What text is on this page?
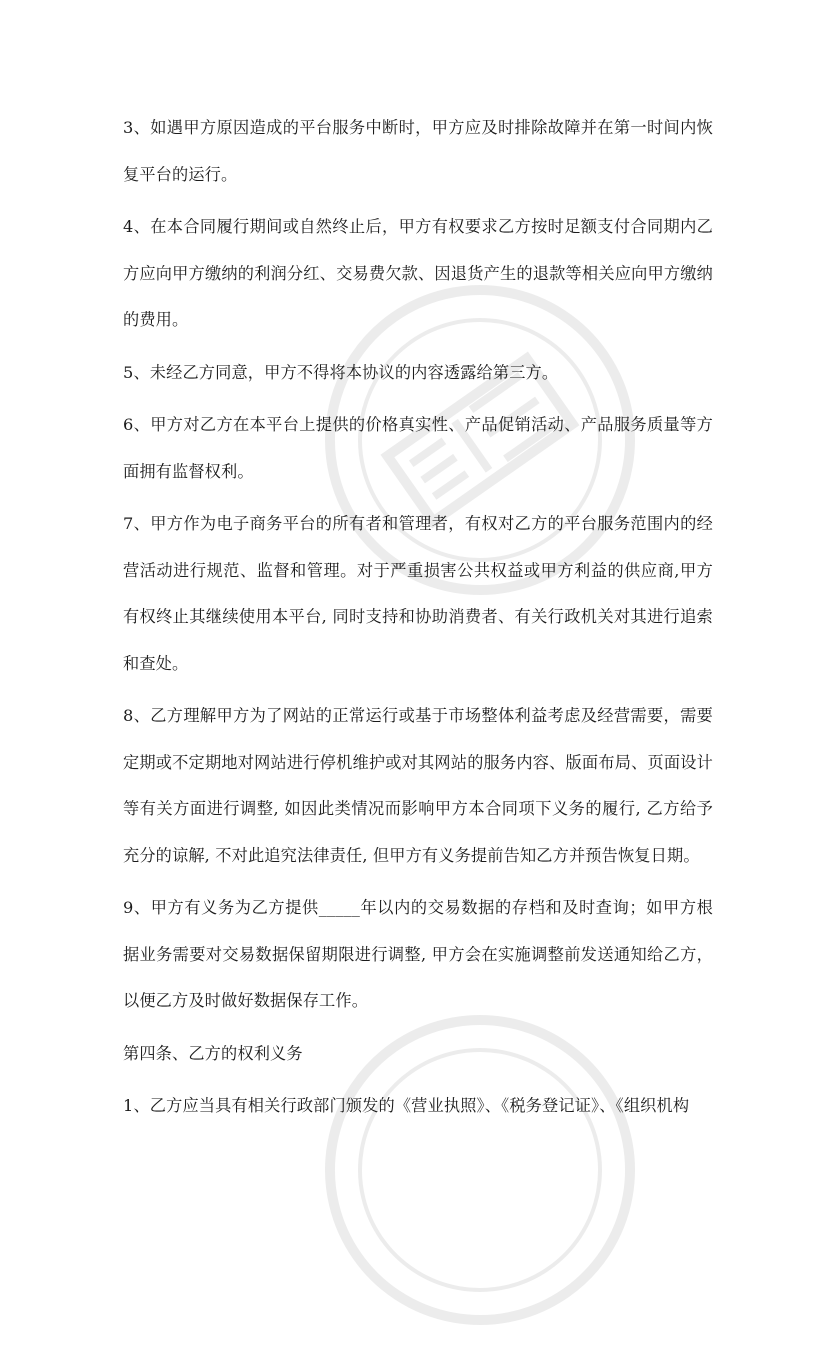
3、如遇甲方原因造成的平台服务中断时，甲方应及时排除故障并在第一时间内恢复平台的运行。

4、在本合同履行期间或自然终止后，甲方有权要求乙方按时足额支付合同期内乙方应向甲方缴纳的利润分红、交易费欠款、因退货产生的退款等相关应向甲方缴纳的费用。

5、未经乙方同意，甲方不得将本协议的内容透露给第三方。

6、甲方对乙方在本平台上提供的价格真实性、产品促销活动、产品服务质量等方面拥有监督权利。

7、甲方作为电子商务平台的所有者和管理者，有权对乙方的平台服务范围内的经营活动进行规范、监督和管理。对于严重损害公共权益或甲方利益的供应商,甲方有权终止其继续使用本平台, 同时支持和协助消费者、有关行政机关对其进行追索和查处。

8、乙方理解甲方为了网站的正常运行或基于市场整体利益考虑及经营需要，需要定期或不定期地对网站进行停机维护或对其网站的服务内容、版面布局、页面设计等有关方面进行调整, 如因此类情况而影响甲方本合同项下义务的履行, 乙方给予充分的谅解, 不对此追究法律责任, 但甲方有义务提前告知乙方并预告恢复日期。

9、甲方有义务为乙方提供_____年以内的交易数据的存档和及时查询；如甲方根据业务需要对交易数据保留期限进行调整, 甲方会在实施调整前发送通知给乙方，以便乙方及时做好数据保存工作。

第四条、乙方的权利义务

1、乙方应当具有相关行政部门颁发的《营业执照》、《税务登记证》、《组织机构
